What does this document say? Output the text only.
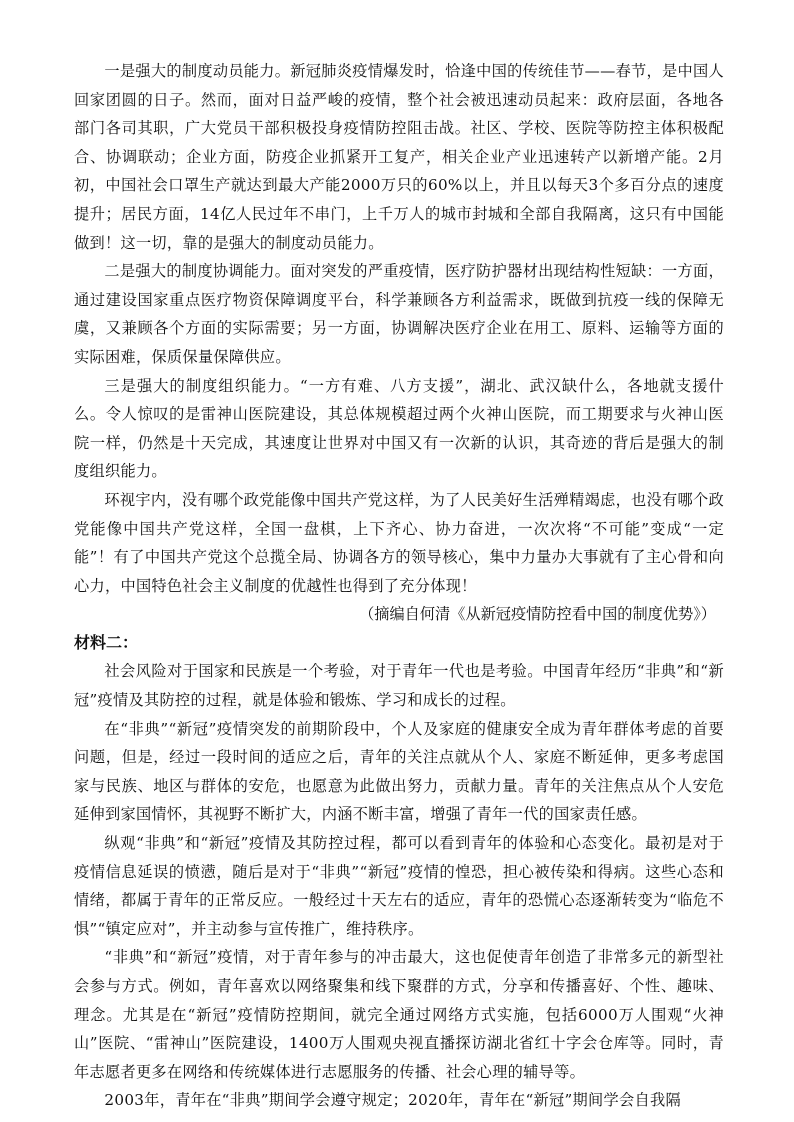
一是强大的制度动员能力。新冠肺炎疫情爆发时，恰逢中国的传统佳节——春节，是中国人回家团圆的日子。然而，面对日益严峻的疫情，整个社会被迅速动员起来：政府层面，各地各部门各司其职，广大党员干部积极投身疫情防控阻击战。社区、学校、医院等防控主体积极配合、协调联动；企业方面，防疫企业抓紧开工复产，相关企业产业迅速转产以新增产能。2月初，中国社会口罩生产就达到最大产能2000万只的60%以上，并且以每天3个多百分点的速度提升；居民方面，14亿人民过年不串门，上千万人的城市封城和全部自我隔离，这只有中国能做到！这一切，靠的是强大的制度动员能力。

二是强大的制度协调能力。面对突发的严重疫情，医疗防护器材出现结构性短缺：一方面，通过建设国家重点医疗物资保障调度平台，科学兼顾各方利益需求，既做到抗疫一线的保障无虞，又兼顾各个方面的实际需要；另一方面，协调解决医疗企业在用工、原料、运输等方面的实际困难，保质保量保障供应。

三是强大的制度组织能力。“一方有难、八方支援”，湖北、武汉缺什么，各地就支援什么。令人惊叹的是雷神山医院建设，其总体规模超过两个火神山医院，而工期要求与火神山医院一样，仍然是十天完成，其速度让世界对中国又有一次新的认识，其奇迹的背后是强大的制度组织能力。

环视宇内，没有哪个政党能像中国共产党这样，为了人民美好生活殚精竭虑，也没有哪个政党能像中国共产党这样，全国一盘棋，上下齐心、协力奋进，一次次将“不可能”变成“一定能”！有了中国共产党这个总揽全局、协调各方的领导核心，集中力量办大事就有了主心骨和向心力，中国特色社会主义制度的优越性也得到了充分体现！

（摘编自何清《从新冠疫情防控看中国的制度优势》）

材料二：

社会风险对于国家和民族是一个考验，对于青年一代也是考验。中国青年经历“非典”和“新冠”疫情及其防控的过程，就是体验和锻炼、学习和成长的过程。

在“非典”“新冠”疫情突发的前期阶段中，个人及家庭的健康安全成为青年群体考虑的首要问题，但是，经过一段时间的适应之后，青年的关注点就从个人、家庭不断延伸，更多考虑国家与民族、地区与群体的安危，也愿意为此做出努力，贡献力量。青年的关注焦点从个人安危延伸到家国情怀，其视野不断扩大，内涵不断丰富，增强了青年一代的国家责任感。

纵观“非典”和“新冠”疫情及其防控过程，都可以看到青年的体验和心态变化。最初是对于疫情信息延误的愤懑，随后是对于“非典”“新冠”疫情的惶恐，担心被传染和得病。这些心态和情绪，都属于青年的正常反应。一般经过十天左右的适应，青年的恐慌心态逐渐转变为“临危不惧”“镇定应对”，并主动参与宣传推广，维持秩序。

“非典”和“新冠”疫情，对于青年参与的冲击最大，这也促使青年创造了非常多元的新型社会参与方式。例如，青年喜欢以网络聚集和线下聚群的方式，分享和传播喜好、个性、趣味、理念。尤其是在“新冠”疫情防控期间，就完全通过网络方式实施，包括6000万人围观“火神山”医院、“雷神山”医院建设，1400万人围观央视直播探访湖北省红十字会仓库等。同时，青年志愿者更多在网络和传统媒体进行志愿服务的传播、社会心理的辅导等。

2003年，青年在“非典”期间学会遵守规定；2020年，青年在“新冠”期间学会自我隔
